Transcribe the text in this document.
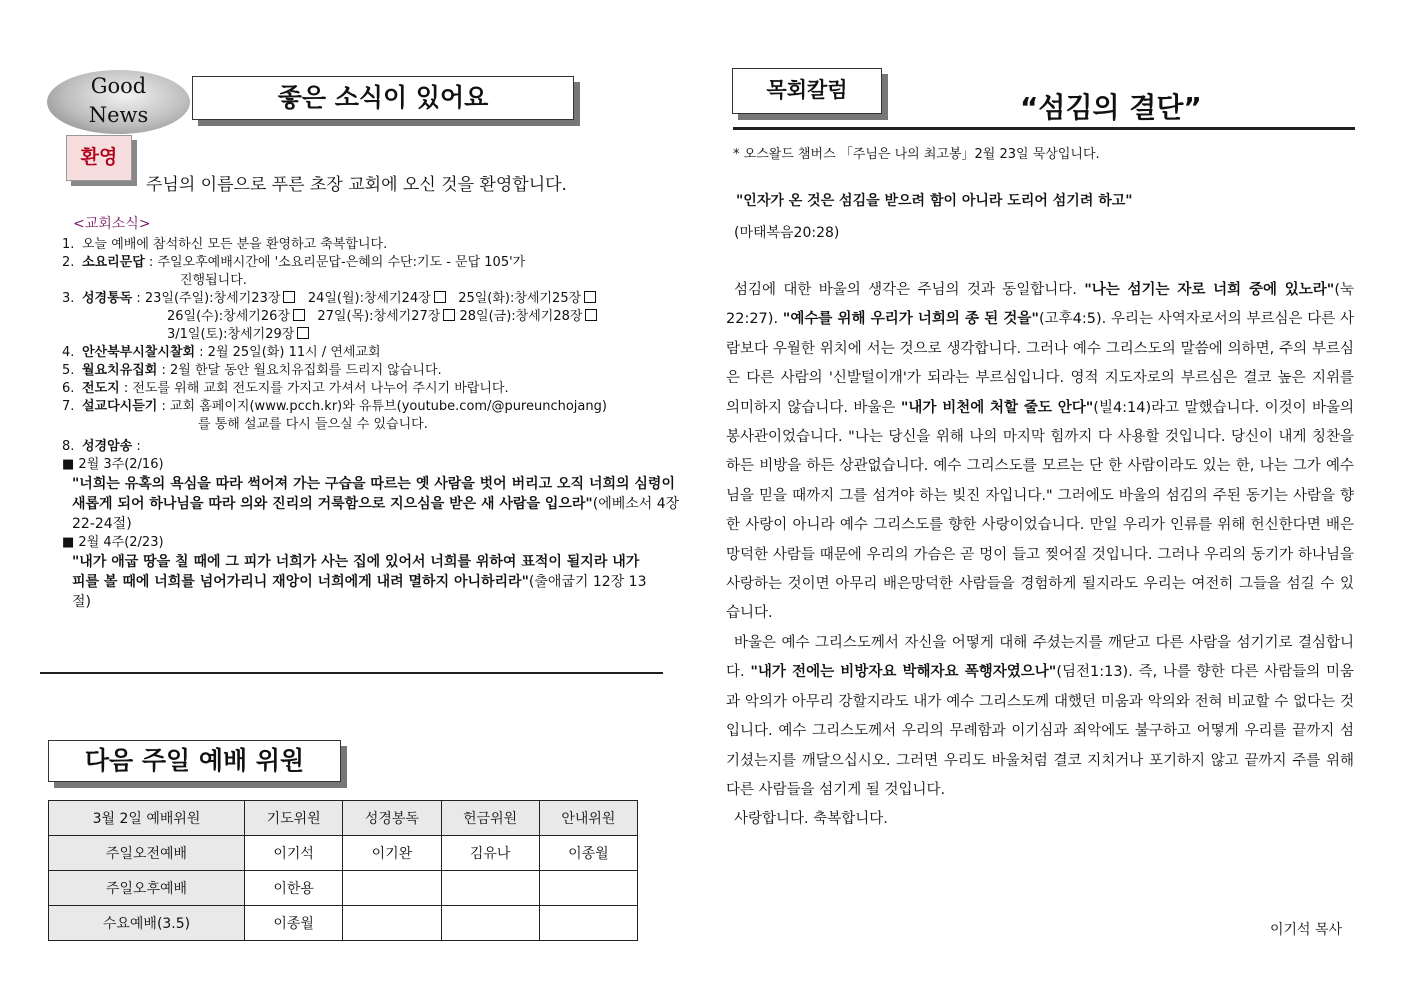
Good
News
좋은 소식이 있어요
환영
주님의 이름으로 푸른 초장 교회에 오신 것을 환영합니다.
<교회소식>
1. 오늘 예배에 참석하신 모든 분을 환영하고 축복합니다.
2. 소요리문답 : 주일오후예배시간에 '소요리문답-은혜의 수단:기도 - 문답 105'가
진행됩니다.
3. 성경통독 : 23일(주일):창세기23장 24일(월):창세기24장 25일(화):창세기25장
26일(수):창세기26장 27일(목):창세기27장 28일(금):창세기28장
3/1일(토):창세기29장
4. 안산북부시찰시찰회 : 2월 25일(화) 11시 / 연세교회
5. 월요치유집회 : 2월 한달 동안 월요치유집회를 드리지 않습니다.
6. 전도지 : 전도를 위해 교회 전도지를 가지고 가셔서 나누어 주시기 바랍니다.
7. 설교다시듣기 : 교회 홈페이지(www.pcch.kr)와 유튜브(youtube.com/@pureunchojang)
를 통해 설교를 다시 들으실 수 있습니다.
8. 성경암송 :
■ 2월 3주(2/16)
"너희는 유혹의 욕심을 따라 썩어져 가는 구습을 따르는 옛 사람을 벗어 버리고 오직 너희의 심령이 새롭게 되어 하나님을 따라 의와 진리의 거룩함으로 지으심을 받은 새 사람을 입으라"(에베소서 4장 22-24절)
■ 2월 4주(2/23)
"내가 애굽 땅을 칠 때에 그 피가 너희가 사는 집에 있어서 너희를 위하여 표적이 될지라 내가 피를 볼 때에 너희를 넘어가리니 재앙이 너희에게 내려 멸하지 아니하리라"(출애굽기 12장 13절)
다음 주일 예배 위원
3월 2일 예배위원	기도위원	성경봉독	헌금위원	안내위원
주일오전예배	이기석	이기완	김유나	이종월
주일오후예배	이한용			
수요예배(3.5)	이종월			
목회칼럼
“섬김의 결단”
* 오스왈드 챔버스 「주님은 나의 최고봉」2월 23일 묵상입니다.
"인자가 온 것은 섬김을 받으려 함이 아니라 도리어 섬기려 하고"
(마태복음20:28)

섬김에 대한 바울의 생각은 주님의 것과 동일합니다. "나는 섬기는 자로 너희 중에 있노라"(눅22:27). "예수를 위해 우리가 너희의 종 된 것을"(고후4:5). 우리는 사역자로서의 부르심은 다른 사람보다 우월한 위치에 서는 것으로 생각합니다. 그러나 예수 그리스도의 말씀에 의하면, 주의 부르심은 다른 사람의 '신발털이개'가 되라는 부르심입니다. 영적 지도자로의 부르심은 결코 높은 지위를 의미하지 않습니다. 바울은 "내가 비천에 처할 줄도 안다"(빌4:14)라고 말했습니다. 이것이 바울의 봉사관이었습니다. "나는 당신을 위해 나의 마지막 힘까지 다 사용할 것입니다. 당신이 내게 칭찬을 하든 비방을 하든 상관없습니다. 예수 그리스도를 모르는 단 한 사람이라도 있는 한, 나는 그가 예수님을 믿을 때까지 그를 섬겨야 하는 빚진 자입니다." 그러에도 바울의 섬김의 주된 동기는 사람을 향한 사랑이 아니라 예수 그리스도를 향한 사랑이었습니다. 만일 우리가 인류를 위해 헌신한다면 배은망덕한 사람들 때문에 우리의 가슴은 곧 멍이 들고 찢어질 것입니다. 그러나 우리의 동기가 하나님을 사랑하는 것이면 아무리 배은망덕한 사람들을 경험하게 될지라도 우리는 여전히 그들을 섬길 수 있습니다.

바울은 예수 그리스도께서 자신을 어떻게 대해 주셨는지를 깨닫고 다른 사람을 섬기기로 결심합니다. "내가 전에는 비방자요 박해자요 폭행자였으나"(딤전1:13). 즉, 나를 향한 다른 사람들의 미움과 악의가 아무리 강할지라도 내가 예수 그리스도께 대했던 미움과 악의와 전혀 비교할 수 없다는 것입니다. 예수 그리스도께서 우리의 무례함과 이기심과 죄악에도 불구하고 어떻게 우리를 끝까지 섬기셨는지를 깨달으십시오. 그러면 우리도 바울처럼 결코 지치거나 포기하지 않고 끝까지 주를 위해 다른 사람들을 섬기게 될 것입니다.

사랑합니다. 축복합니다.

이기석 목사
